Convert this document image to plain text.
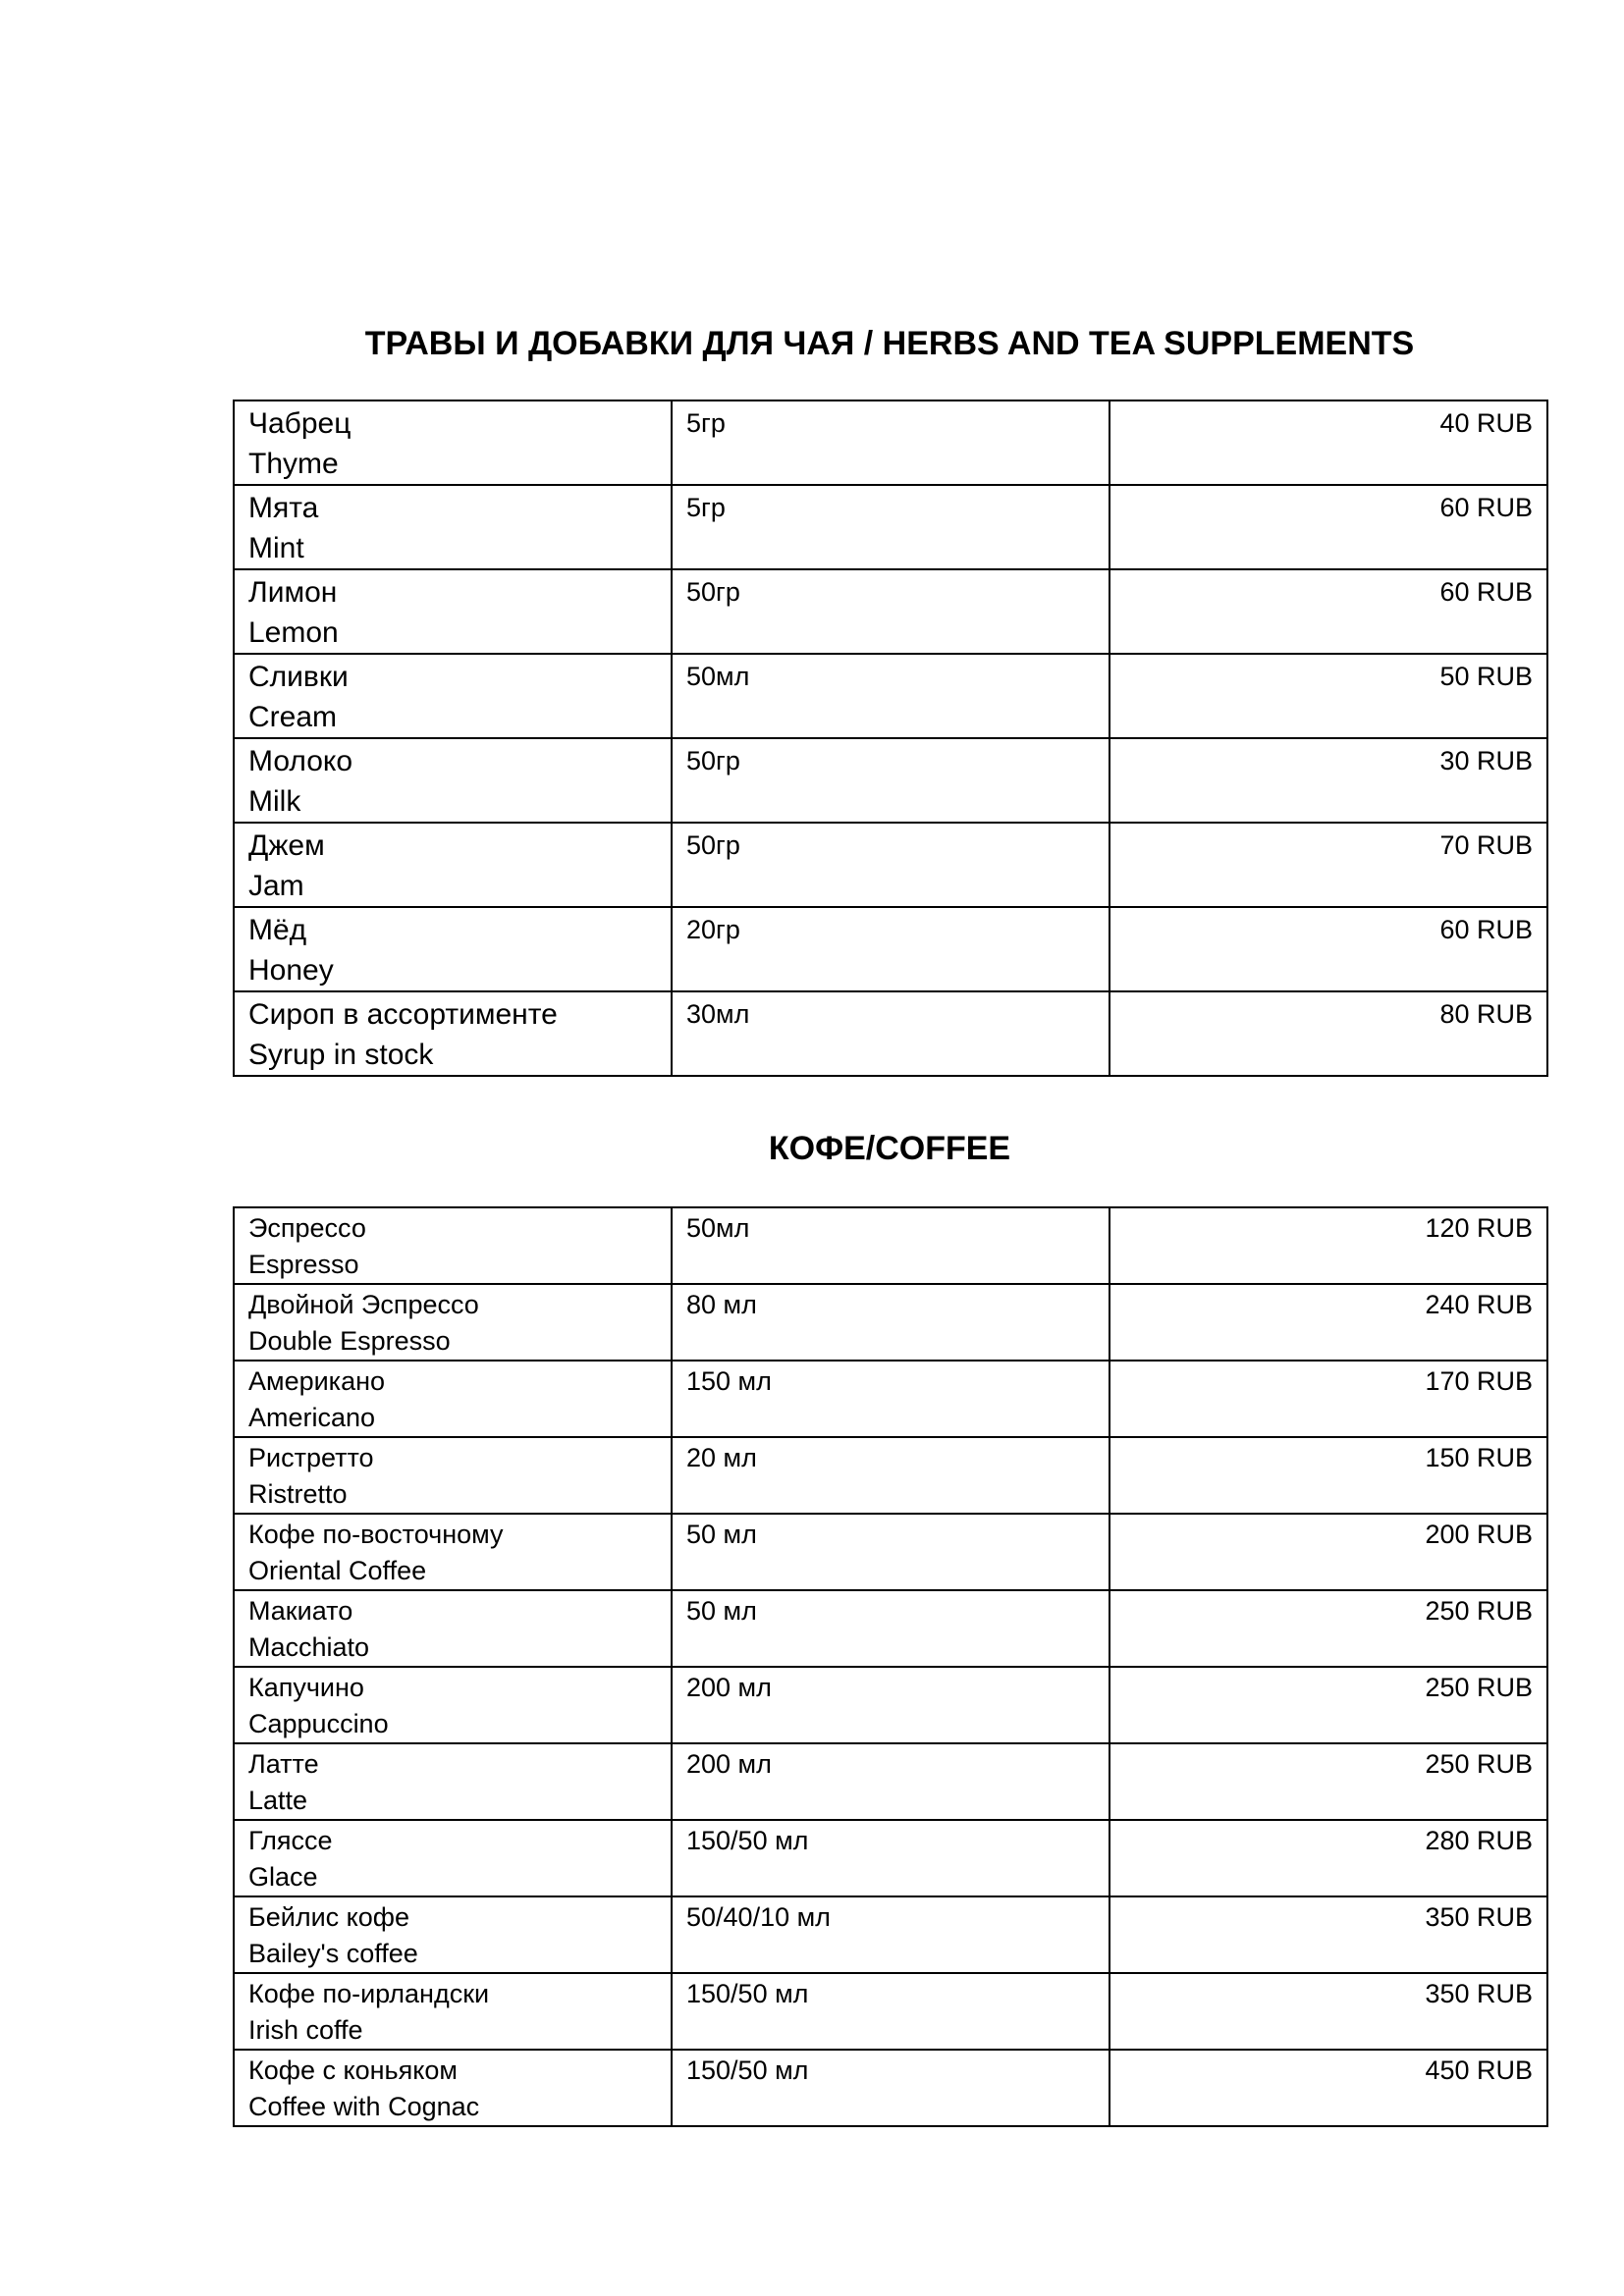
ТРАВЫ И ДОБАВКИ ДЛЯ ЧАЯ / HERBS AND TEA SUPPLEMENTS
Чабрец
Thyme	5гр	40 RUB

Мята
Mint	5гр	60 RUB

Лимон
Lemon	50гр	60 RUB

Сливки
Cream	50мл	50 RUB

Молоко
Milk	50гр	30 RUB

Джем
Jam	50гр	70 RUB

Мёд
Honey	20гр	60 RUB

Сироп в ассортименте
Syrup in stock	30мл	80 RUB
КОФЕ/COFFEE
Эспрессо
Espresso	50мл	120 RUB

Двойной Эспрессо
Double Espresso	80 мл	240 RUB

Американо
Americano	150 мл	170 RUB

Ристретто
Ristretto	20 мл	150 RUB

Кофе по-восточному
Oriental Coffee	50 мл	200 RUB

Макиато
Macchiato	50 мл	250 RUB

Капучино
Cappuccino	200 мл	250 RUB

Латте
Latte	200 мл	250 RUB

Гляссе
Glace	150/50 мл	280 RUB

Бейлис кофе
Bailey's coffee	50/40/10 мл	350 RUB

Кофе по-ирландски
Irish coffe	150/50 мл	350 RUB

Кофе с коньяком
Coffee with Cognac	150/50 мл	450 RUB
